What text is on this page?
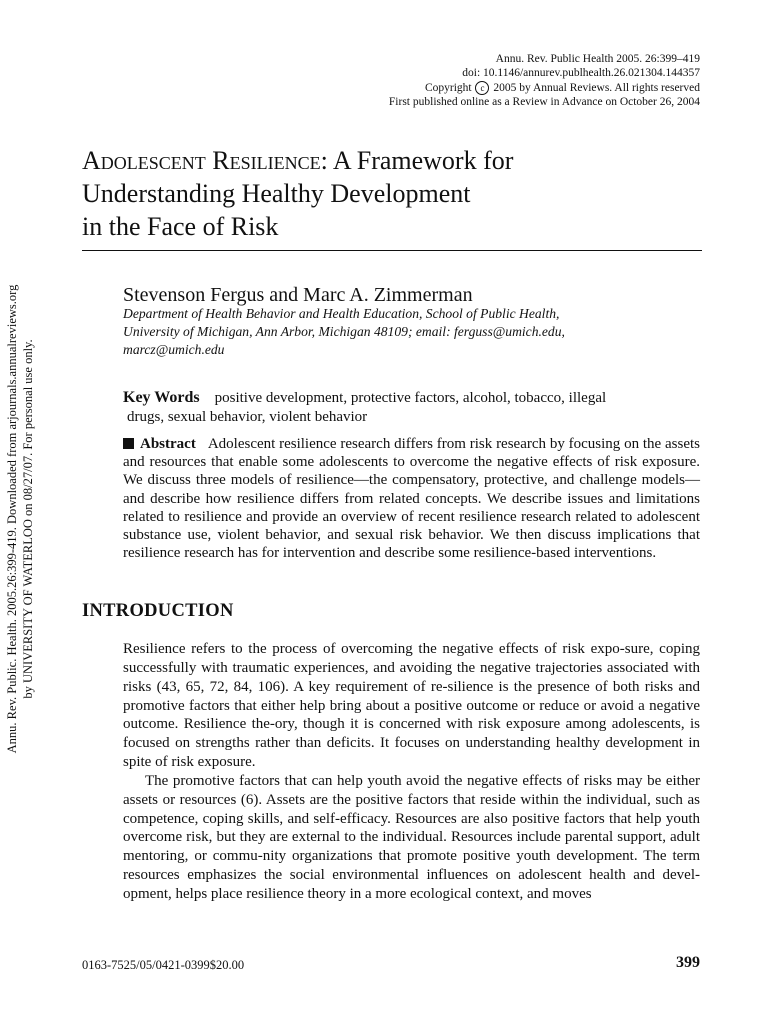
Annu. Rev. Public. Health. 2005.26:399-419. Downloaded from arjournals.annualreviews.org by UNIVERSITY OF WATERLOO on 08/27/07. For personal use only.
Annu. Rev. Public Health 2005. 26:399–419
doi: 10.1146/annurev.publhealth.26.021304.144357
Copyright c 2005 by Annual Reviews. All rights reserved
First published online as a Review in Advance on October 26, 2004
Adolescent Resilience: A Framework for
Understanding Healthy Development
in the Face of Risk
Stevenson Fergus and Marc A. Zimmerman
Department of Health Behavior and Health Education, School of Public Health,
University of Michigan, Ann Arbor, Michigan 48109; email: ferguss@umich.edu,
marcz@umich.edu
Key Words positive development, protective factors, alcohol, tobacco, illegal
drugs, sexual behavior, violent behavior
Abstract Adolescent resilience research differs from risk research by focusing on the assets and resources that enable some adolescents to overcome the negative effects of risk exposure. We discuss three models of resilience—the compensatory, protective, and challenge models—and describe how resilience differs from related concepts. We describe issues and limitations related to resilience and provide an overview of recent resilience research related to adolescent substance use, violent behavior, and sexual risk behavior. We then discuss implications that resilience research has for intervention and describe some resilience-based interventions.
INTRODUCTION

Resilience refers to the process of overcoming the negative effects of risk expo-sure, coping successfully with traumatic experiences, and avoiding the negative trajectories associated with risks (43, 65, 72, 84, 106). A key requirement of re-silience is the presence of both risks and promotive factors that either help bring about a positive outcome or reduce or avoid a negative outcome. Resilience the-ory, though it is concerned with risk exposure among adolescents, is focused on strengths rather than deficits. It focuses on understanding healthy development in spite of risk exposure.

The promotive factors that can help youth avoid the negative effects of risks may be either assets or resources (6). Assets are the positive factors that reside within the individual, such as competence, coping skills, and self-efficacy. Resources are also positive factors that help youth overcome risk, but they are external to the individual. Resources include parental support, adult mentoring, or commu-nity organizations that promote positive youth development. The term resources emphasizes the social environmental influences on adolescent health and devel-opment, helps place resilience theory in a more ecological context, and moves

0163-7525/05/0421-0399$20.00	399
